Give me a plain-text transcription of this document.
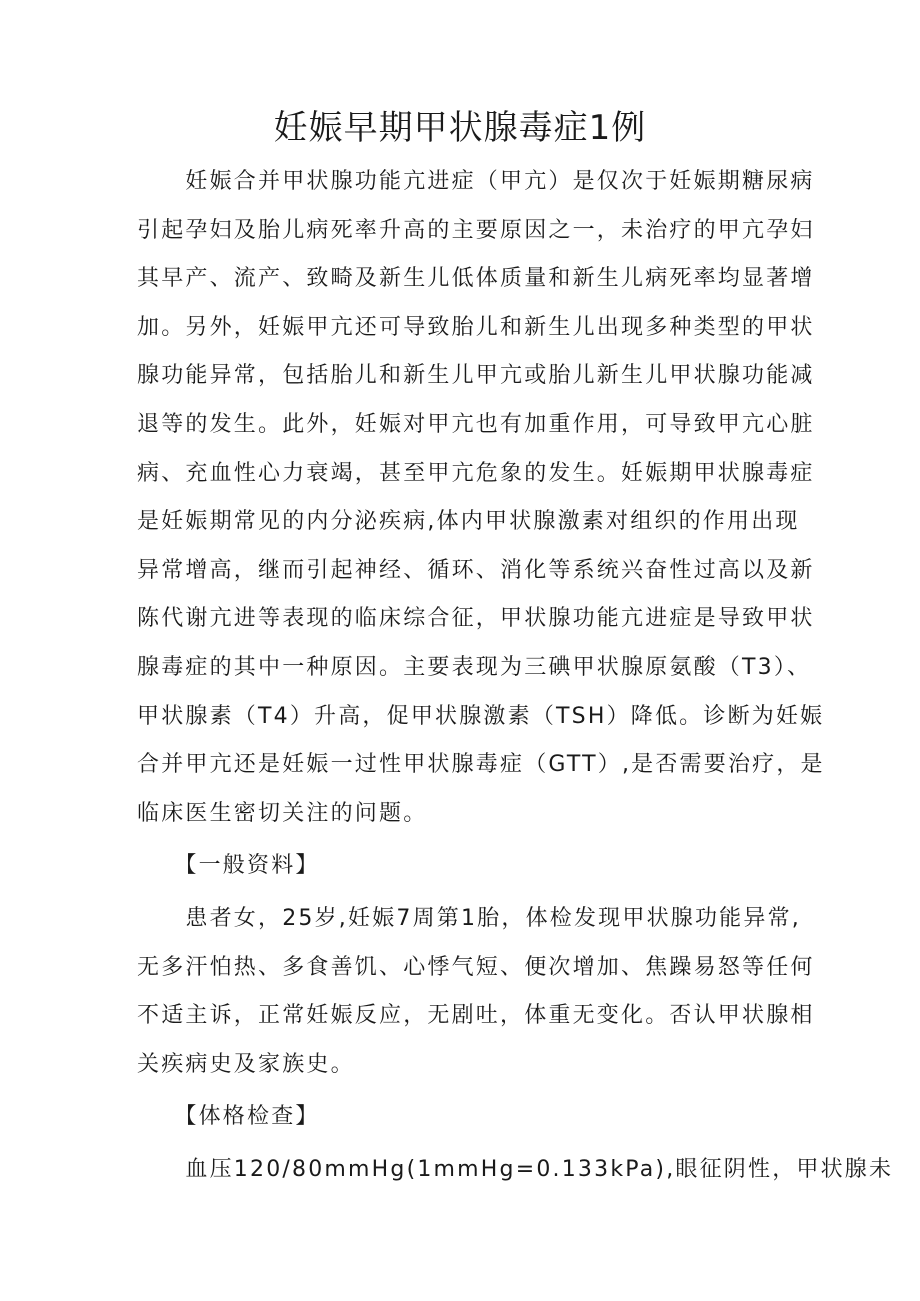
妊娠早期甲状腺毒症1例
　　妊娠合并甲状腺功能亢进症（甲亢）是仅次于妊娠期糖尿病
引起孕妇及胎儿病死率升高的主要原因之一，未治疗的甲亢孕妇
其早产、流产、致畸及新生儿低体质量和新生儿病死率均显著增
加。另外，妊娠甲亢还可导致胎儿和新生儿出现多种类型的甲状
腺功能异常，包括胎儿和新生儿甲亢或胎儿新生儿甲状腺功能减
退等的发生。此外，妊娠对甲亢也有加重作用，可导致甲亢心脏
病、充血性心力衰竭，甚至甲亢危象的发生。妊娠期甲状腺毒症
是妊娠期常见的内分泌疾病,体内甲状腺激素对组织的作用出现
异常增高，继而引起神经、循环、消化等系统兴奋性过高以及新
陈代谢亢进等表现的临床综合征，甲状腺功能亢进症是导致甲状
腺毒症的其中一种原因。主要表现为三碘甲状腺原氨酸（T3）、
甲状腺素（T4）升高，促甲状腺激素（TSH）降低。诊断为妊娠
合并甲亢还是妊娠一过性甲状腺毒症（GTT）,是否需要治疗，是
临床医生密切关注的问题。
　　【一般资料】
　　患者女，25岁,妊娠7周第1胎，体检发现甲状腺功能异常,
无多汗怕热、多食善饥、心悸气短、便次增加、焦躁易怒等任何
不适主诉，正常妊娠反应，无剧吐，体重无变化。否认甲状腺相
关疾病史及家族史。
　　【体格检查】
　　血压120/80mmHg(1mmHg=0.133kPa),眼征阴性，甲状腺未
